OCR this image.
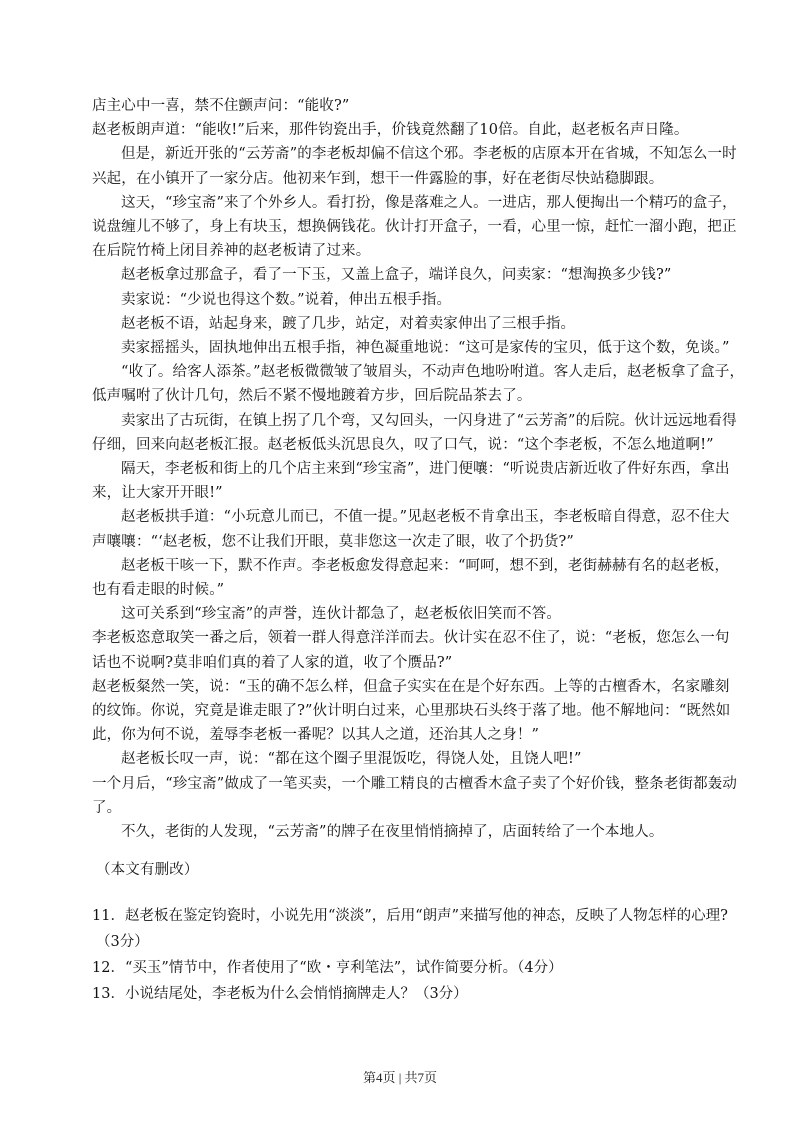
店主心中一喜，禁不住颤声问：“能收?”
赵老板朗声道：“能收!”后来，那件钧瓷出手，价钱竟然翻了10倍。自此，赵老板名声日隆。
但是，新近开张的“云芳斋”的李老板却偏不信这个邪。李老板的店原本开在省城，不知怎么一时
兴起，在小镇开了一家分店。他初来乍到，想干一件露脸的事，好在老街尽快站稳脚跟。
这天，“珍宝斋”来了个外乡人。看打扮，像是落难之人。一进店，那人便掏出一个精巧的盒子，
说盘缠儿不够了，身上有块玉，想换俩钱花。伙计打开盒子，一看，心里一惊，赶忙一溜小跑，把正
在后院竹椅上闭目养神的赵老板请了过来。
赵老板拿过那盒子，看了一下玉，又盖上盒子，端详良久，问卖家：“想淘换多少钱?”
卖家说：“少说也得这个数。”说着，伸出五根手指。
赵老板不语，站起身来，踱了几步，站定，对着卖家伸出了三根手指。
卖家摇摇头，固执地伸出五根手指，神色凝重地说：“这可是家传的宝贝，低于这个数，免谈。”
“收了。给客人添茶。”赵老板微微皱了皱眉头，不动声色地吩咐道。客人走后，赵老板拿了盒子，
低声嘱咐了伙计几句，然后不紧不慢地踱着方步，回后院品茶去了。
卖家出了古玩街，在镇上拐了几个弯，又勾回头，一闪身进了“云芳斋”的后院。伙计远远地看得
仔细，回来向赵老板汇报。赵老板低头沉思良久，叹了口气，说：“这个李老板，不怎么地道啊!”
隔天，李老板和街上的几个店主来到“珍宝斋”，进门便嚷：“听说贵店新近收了件好东西，拿出
来，让大家开开眼!”
赵老板拱手道：“小玩意儿而已，不值一提。”见赵老板不肯拿出玉，李老板暗自得意，忍不住大
声嚷嚷：“‘赵老板，您不让我们开眼，莫非您这一次走了眼，收了个扔货?”
赵老板干咳一下，默不作声。李老板愈发得意起来：“呵呵，想不到，老街赫赫有名的赵老板，
也有看走眼的时候。”
这可关系到“珍宝斋”的声誉，连伙计都急了，赵老板依旧笑而不答。
李老板恣意取笑一番之后，领着一群人得意洋洋而去。伙计实在忍不住了，说：“老板，您怎么一句
话也不说啊?莫非咱们真的着了人家的道，收了个赝品?”
赵老板粲然一笑，说：“玉的确不怎么样，但盒子实实在在是个好东西。上等的古檀香木，名家雕刻
的纹饰。你说，究竟是谁走眼了?”伙计明白过来，心里那块石头终于落了地。他不解地问：“既然如
此，你为何不说，羞辱李老板一番呢？以其人之道，还治其人之身！”
赵老板长叹一声，说：“都在这个圈子里混饭吃，得饶人处，且饶人吧!”
一个月后，“珍宝斋”做成了一笔买卖，一个雕工精良的古檀香木盒子卖了个好价钱，整条老街都轰动
了。
不久，老街的人发现，“云芳斋”的牌子在夜里悄悄摘掉了，店面转给了一个本地人。
（本文有删改）
11．赵老板在鉴定钧瓷时，小说先用“淡淡”，后用“朗声”来描写他的神态，反映了人物怎样的心理?
（3分）
12．“买玉”情节中，作者使用了“欧・亨利笔法”，试作简要分析。（4分）
13．小说结尾处，李老板为什么会悄悄摘牌走人？（3分）
第4页 | 共7页
